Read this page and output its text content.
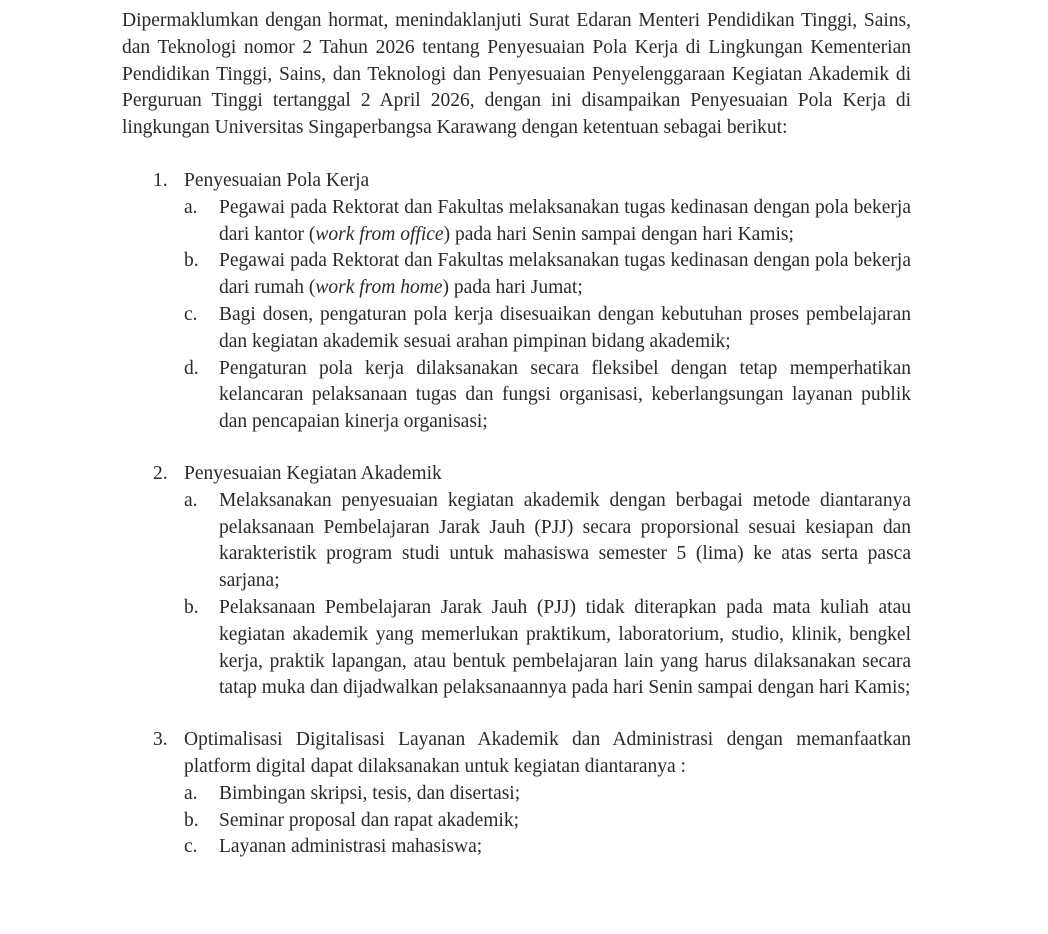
Dipermaklumkan dengan hormat, menindaklanjuti Surat Edaran Menteri Pendidikan Tinggi, Sains, dan Teknologi nomor 2 Tahun 2026 tentang Penyesuaian Pola Kerja di Lingkungan Kementerian Pendidikan Tinggi, Sains, dan Teknologi dan Penyesuaian Penyelenggaraan Kegiatan Akademik di Perguruan Tinggi tertanggal 2 April 2026, dengan ini disampaikan Penyesuaian Pola Kerja di lingkungan Universitas Singaperbangsa Karawang dengan ketentuan sebagai berikut:

1. Penyesuaian Pola Kerja
a. Pegawai pada Rektorat dan Fakultas melaksanakan tugas kedinasan dengan pola bekerja dari kantor (work from office) pada hari Senin sampai dengan hari Kamis;
b. Pegawai pada Rektorat dan Fakultas melaksanakan tugas kedinasan dengan pola bekerja dari rumah (work from home) pada hari Jumat;
c. Bagi dosen, pengaturan pola kerja disesuaikan dengan kebutuhan proses pembelajaran dan kegiatan akademik sesuai arahan pimpinan bidang akademik;
d. Pengaturan pola kerja dilaksanakan secara fleksibel dengan tetap memperhatikan kelancaran pelaksanaan tugas dan fungsi organisasi, keberlangsungan layanan publik dan pencapaian kinerja organisasi;
2. Penyesuaian Kegiatan Akademik
a. Melaksanakan penyesuaian kegiatan akademik dengan berbagai metode diantaranya pelaksanaan Pembelajaran Jarak Jauh (PJJ) secara proporsional sesuai kesiapan dan karakteristik program studi untuk mahasiswa semester 5 (lima) ke atas serta pasca sarjana;
b. Pelaksanaan Pembelajaran Jarak Jauh (PJJ) tidak diterapkan pada mata kuliah atau kegiatan akademik yang memerlukan praktikum, laboratorium, studio, klinik, bengkel kerja, praktik lapangan, atau bentuk pembelajaran lain yang harus dilaksanakan secara tatap muka dan dijadwalkan pelaksanaannya pada hari Senin sampai dengan hari Kamis;
3. Optimalisasi Digitalisasi Layanan Akademik dan Administrasi dengan memanfaatkan platform digital dapat dilaksanakan untuk kegiatan diantaranya :
a. Bimbingan skripsi, tesis, dan disertasi;
b. Seminar proposal dan rapat akademik;
c. Layanan administrasi mahasiswa;
